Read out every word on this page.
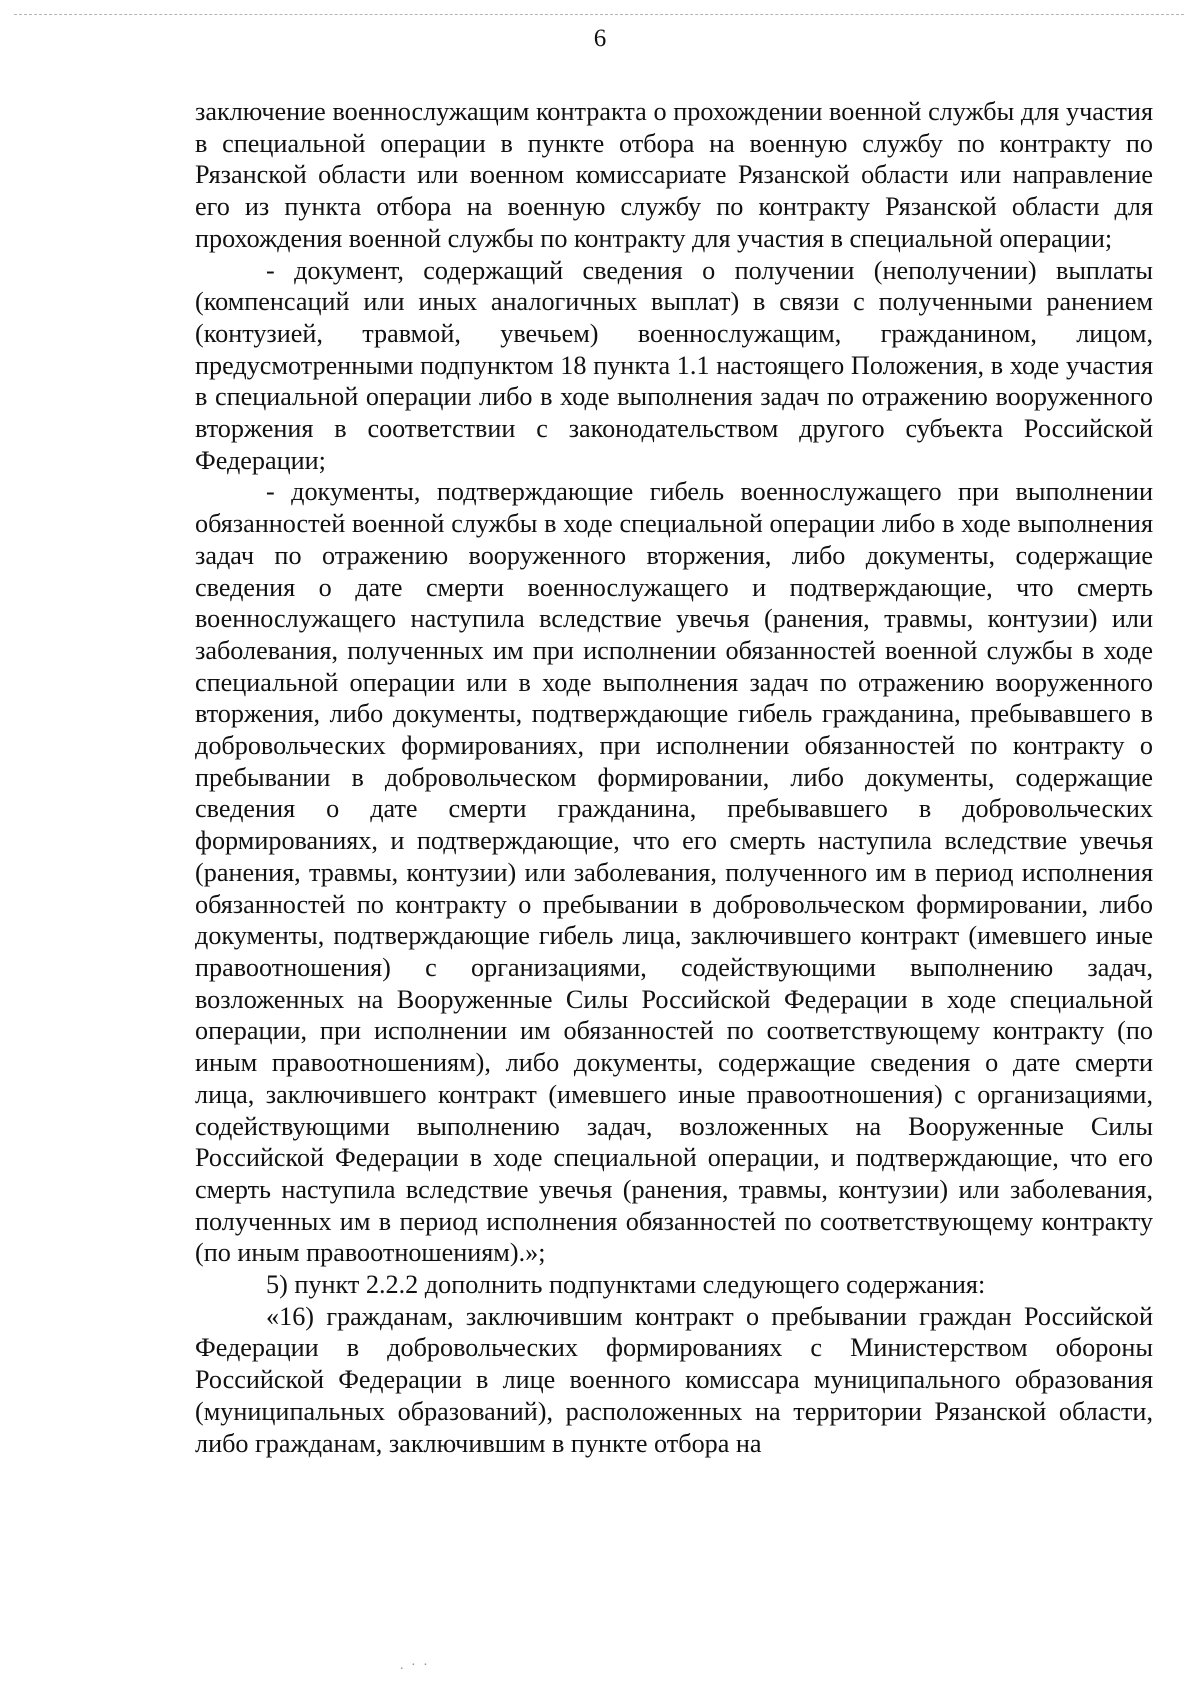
6

заключение военнослужащим контракта о прохождении военной службы для участия в специальной операции в пункте отбора на военную службу по контракту по Рязанской области или военном комиссариате Рязанской области или направление его из пункта отбора на военную службу по контракту Рязанской области для прохождения военной службы по контракту для участия в специальной операции;

- документ, содержащий сведения о получении (неполучении) выплаты (компенсаций или иных аналогичных выплат) в связи с полученными ранением (контузией, травмой, увечьем) военнослужащим, гражданином, лицом, предусмотренными подпунктом 18 пункта 1.1 настоящего Положения, в ходе участия в специальной операции либо в ходе выполнения задач по отражению вооруженного вторжения в соответствии с законодательством другого субъекта Российской Федерации;

- документы, подтверждающие гибель военнослужащего при выполнении обязанностей военной службы в ходе специальной операции либо в ходе выполнения задач по отражению вооруженного вторжения, либо документы, содержащие сведения о дате смерти военнослужащего и подтверждающие, что смерть военнослужащего наступила вследствие увечья (ранения, травмы, контузии) или заболевания, полученных им при исполнении обязанностей военной службы в ходе специальной операции или в ходе выполнения задач по отражению вооруженного вторжения, либо документы, подтверждающие гибель гражданина, пребывавшего в добровольческих формированиях, при исполнении обязанностей по контракту о пребывании в добровольческом формировании, либо документы, содержащие сведения о дате смерти гражданина, пребывавшего в добровольческих формированиях, и подтверждающие, что его смерть наступила вследствие увечья (ранения, травмы, контузии) или заболевания, полученного им в период исполнения обязанностей по контракту о пребывании в добровольческом формировании, либо документы, подтверждающие гибель лица, заключившего контракт (имевшего иные правоотношения) с организациями, содействующими выполнению задач, возложенных на Вооруженные Силы Российской Федерации в ходе специальной операции, при исполнении им обязанностей по соответствующему контракту (по иным правоотношениям), либо документы, содержащие сведения о дате смерти лица, заключившего контракт (имевшего иные правоотношения) с организациями, содействующими выполнению задач, возложенных на Вооруженные Силы Российской Федерации в ходе специальной операции, и подтверждающие, что его смерть наступила вследствие увечья (ранения, травмы, контузии) или заболевания, полученных им в период исполнения обязанностей по соответствующему контракту (по иным правоотношениям).»;

5) пункт 2.2.2 дополнить подпунктами следующего содержания:

«16) гражданам, заключившим контракт о пребывании граждан Российской Федерации в добровольческих формированиях с Министерством обороны Российской Федерации в лице военного комиссара муниципального образования (муниципальных образований), расположенных на территории Рязанской области, либо гражданам, заключившим в пункте отбора на

. · ·
